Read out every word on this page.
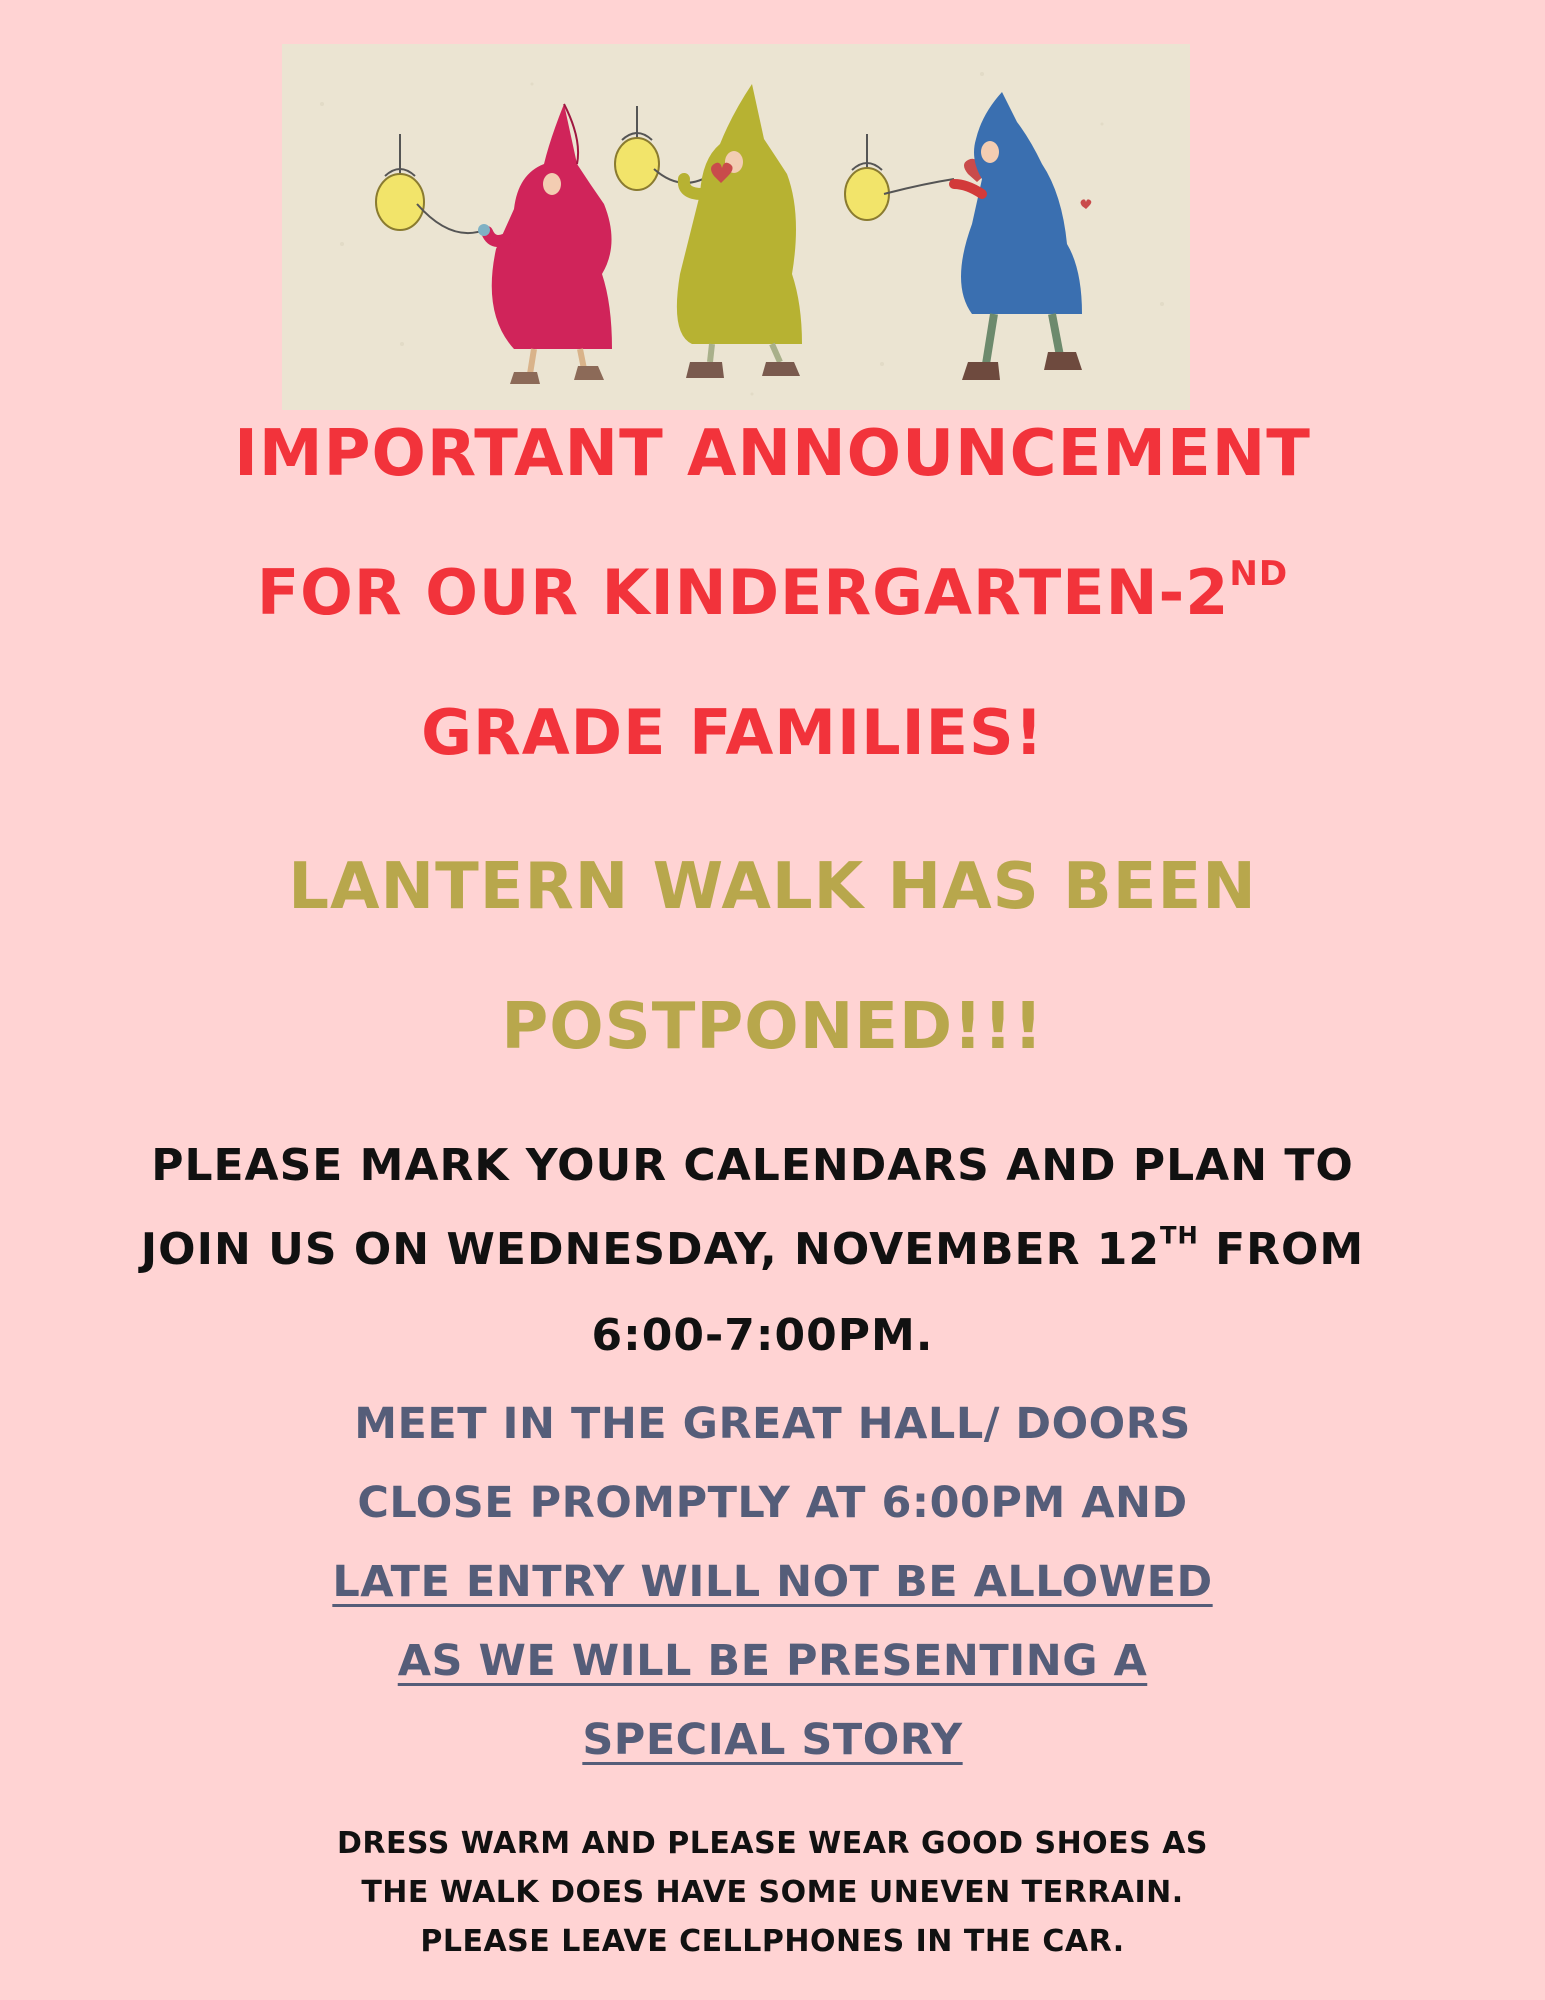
IMPORTANT ANNOUNCEMENT

FOR OUR KINDERGARTEN-2ND

GRADE FAMILIES!

LANTERN WALK HAS BEEN

POSTPONED!!!

PLEASE MARK YOUR CALENDARS AND PLAN TO

JOIN US ON WEDNESDAY, NOVEMBER 12TH FROM

6:00-7:00PM.

MEET IN THE GREAT HALL/ DOORS

CLOSE PROMPTLY AT 6:00PM AND

LATE ENTRY WILL NOT BE ALLOWED

AS WE WILL BE PRESENTING A

SPECIAL STORY

DRESS WARM AND PLEASE WEAR GOOD SHOES AS

THE WALK DOES HAVE SOME UNEVEN TERRAIN.

PLEASE LEAVE CELLPHONES IN THE CAR.
